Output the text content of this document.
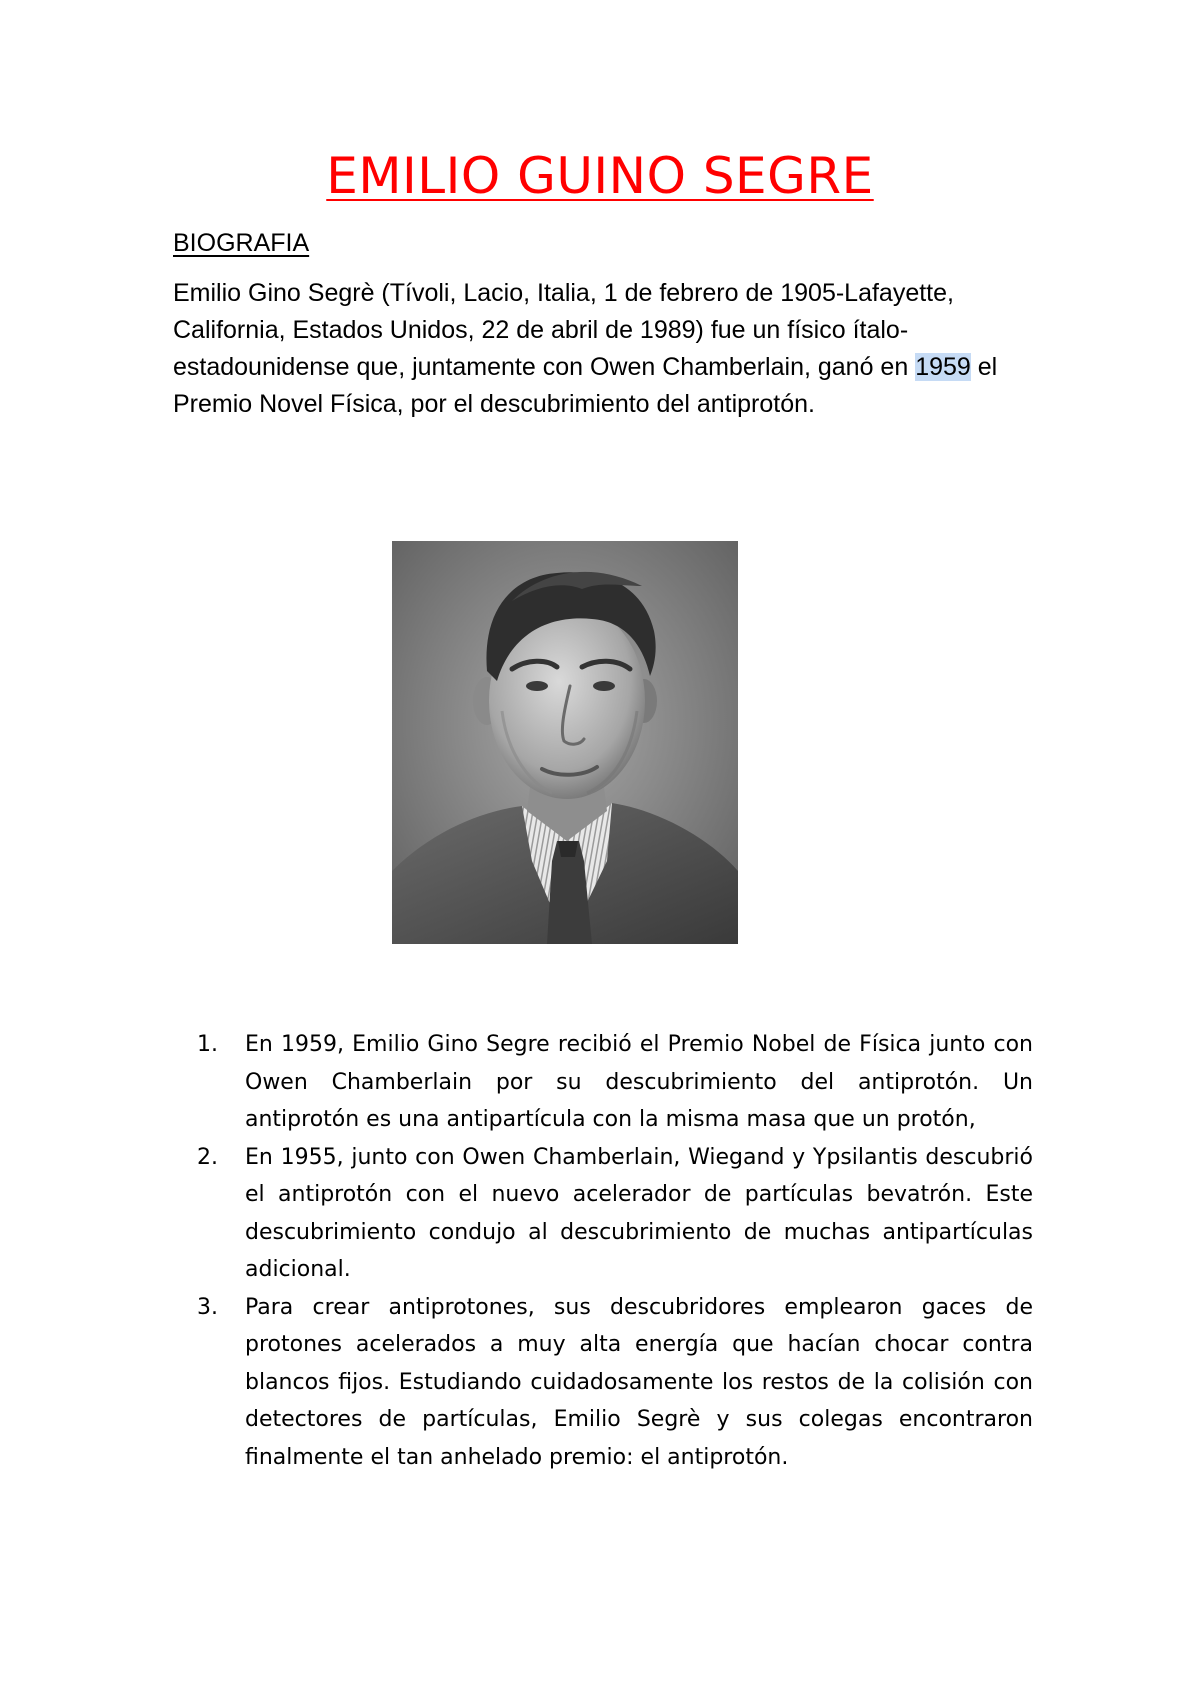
EMILIO GUINO SEGRE
BIOGRAFIA

Emilio Gino Segrè (Tívoli, Lacio, Italia, 1 de febrero de 1905-Lafayette, California, Estados Unidos, 22 de abril de 1989) fue un físico ítalo-estadounidense que, juntamente con Owen Chamberlain, ganó en 1959 el Premio Novel Física, por el descubrimiento del antiprotón.

1. En 1959, Emilio Gino Segre recibió el Premio Nobel de Física junto con Owen Chamberlain por su descubrimiento del antiprotón. Un antiprotón es una antipartícula con la misma masa que un protón,
2. En 1955, junto con Owen Chamberlain, Wiegand y Ypsilantis descubrió el antiprotón con el nuevo acelerador de partículas bevatrón. Este descubrimiento condujo al descubrimiento de muchas antipartículas adicional.
3. Para crear antiprotones, sus descubridores emplearon gaces de protones acelerados a muy alta energía que hacían chocar contra blancos fijos. Estudiando cuidadosamente los restos de la colisión con detectores de partículas, Emilio Segrè y sus colegas encontraron finalmente el tan anhelado premio: el antiprotón.
